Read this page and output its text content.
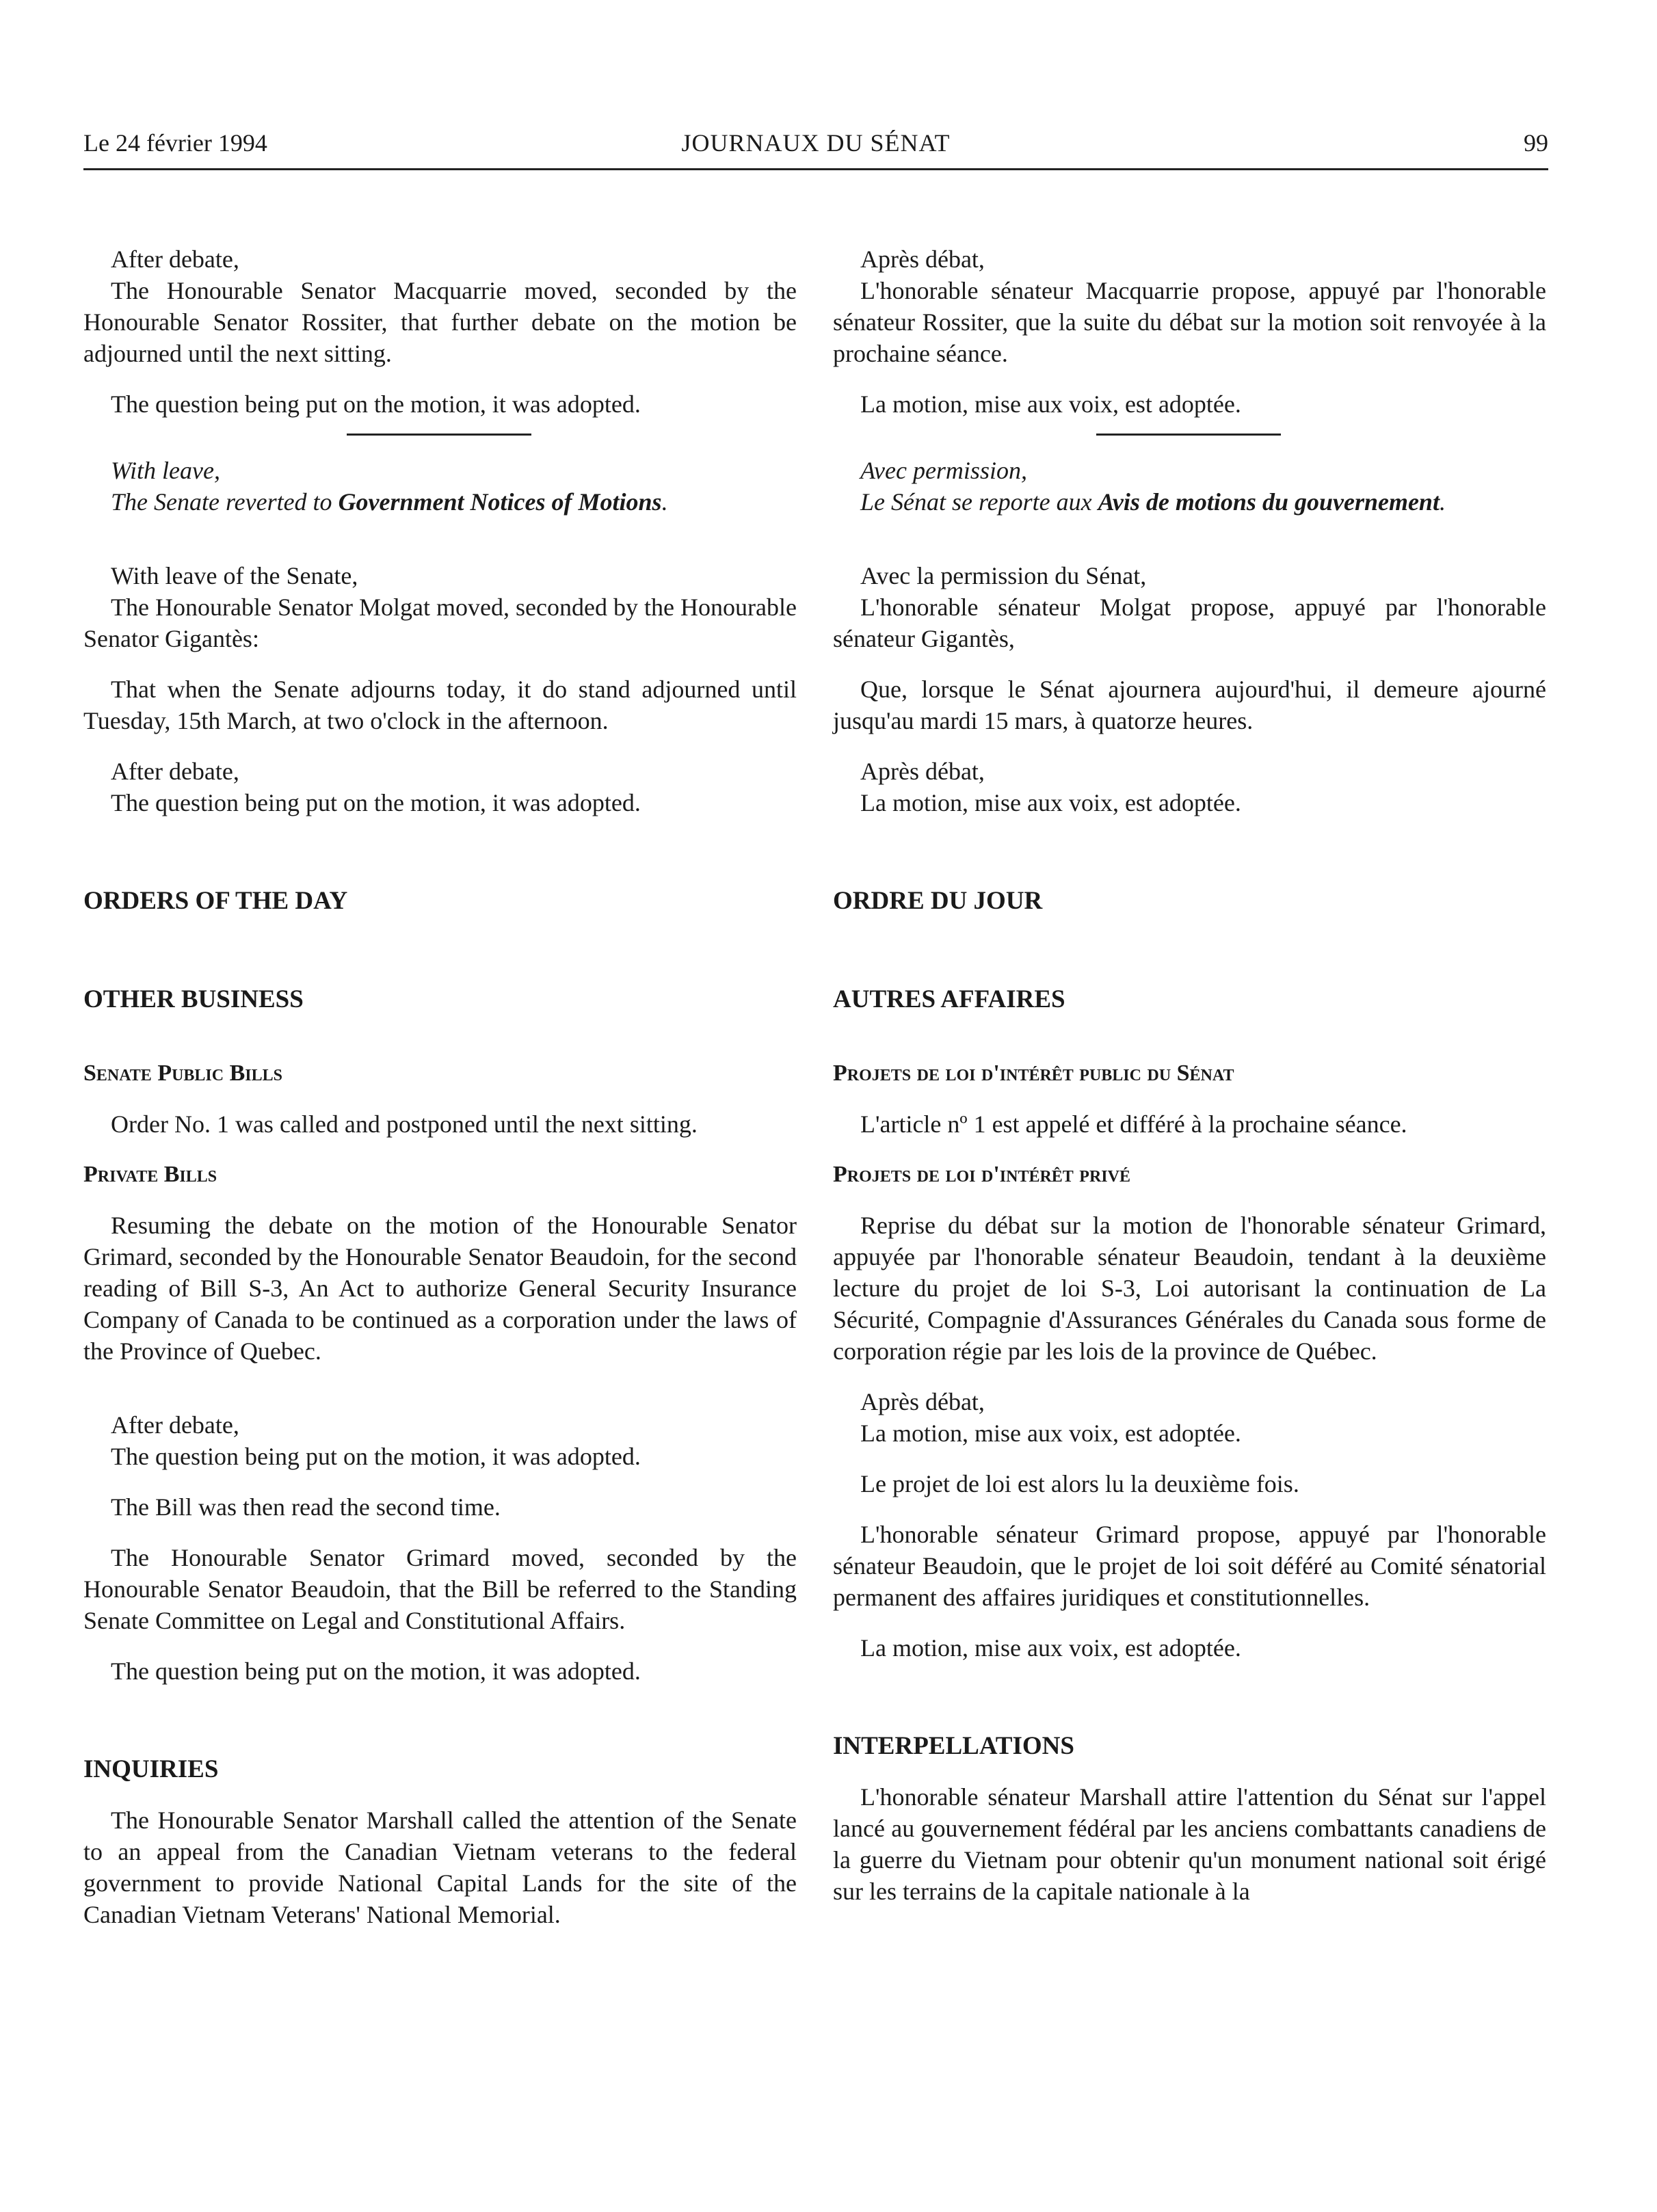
Le 24 février 1994	JOURNAUX DU SÉNAT	99

After debate,

The Honourable Senator Macquarrie moved, seconded by the Honourable Senator Rossiter, that further debate on the motion be adjourned until the next sitting.

The question being put on the motion, it was adopted.

With leave,

The Senate reverted to Government Notices of Motions.

With leave of the Senate,

The Honourable Senator Molgat moved, seconded by the Honourable Senator Gigantès:

That when the Senate adjourns today, it do stand adjourned until Tuesday, 15th March, at two o'clock in the afternoon.

After debate,

The question being put on the motion, it was adopted.

ORDERS OF THE DAY

OTHER BUSINESS

Senate Public Bills

Order No. 1 was called and postponed until the next sitting.

Private Bills

Resuming the debate on the motion of the Honourable Senator Grimard, seconded by the Honourable Senator Beaudoin, for the second reading of Bill S-3, An Act to authorize General Security Insurance Company of Canada to be continued as a corporation under the laws of the Province of Quebec.

After debate,

The question being put on the motion, it was adopted.

The Bill was then read the second time.

The Honourable Senator Grimard moved, seconded by the Honourable Senator Beaudoin, that the Bill be referred to the Standing Senate Committee on Legal and Constitutional Affairs.

The question being put on the motion, it was adopted.

INQUIRIES

The Honourable Senator Marshall called the attention of the Senate to an appeal from the Canadian Vietnam veterans to the federal government to provide National Capital Lands for the site of the Canadian Vietnam Veterans' National Memorial.

Après débat,

L'honorable sénateur Macquarrie propose, appuyé par l'honorable sénateur Rossiter, que la suite du débat sur la motion soit renvoyée à la prochaine séance.

La motion, mise aux voix, est adoptée.

Avec permission,

Le Sénat se reporte aux Avis de motions du gouvernement.

Avec la permission du Sénat,

L'honorable sénateur Molgat propose, appuyé par l'honorable sénateur Gigantès,

Que, lorsque le Sénat ajournera aujourd'hui, il demeure ajourné jusqu'au mardi 15 mars, à quatorze heures.

Après débat,

La motion, mise aux voix, est adoptée.

ORDRE DU JOUR

AUTRES AFFAIRES

Projets de loi d'intérêt public du Sénat

L'article nº 1 est appelé et différé à la prochaine séance.

Projets de loi d'intérêt privé

Reprise du débat sur la motion de l'honorable sénateur Grimard, appuyée par l'honorable sénateur Beaudoin, tendant à la deuxième lecture du projet de loi S-3, Loi autorisant la continuation de La Sécurité, Compagnie d'Assurances Générales du Canada sous forme de corporation régie par les lois de la province de Québec.

Après débat,

La motion, mise aux voix, est adoptée.

Le projet de loi est alors lu la deuxième fois.

L'honorable sénateur Grimard propose, appuyé par l'honorable sénateur Beaudoin, que le projet de loi soit déféré au Comité sénatorial permanent des affaires juridiques et constitutionnelles.

La motion, mise aux voix, est adoptée.

INTERPELLATIONS

L'honorable sénateur Marshall attire l'attention du Sénat sur l'appel lancé au gouvernement fédéral par les anciens combattants canadiens de la guerre du Vietnam pour obtenir qu'un monument national soit érigé sur les terrains de la capitale nationale à la
